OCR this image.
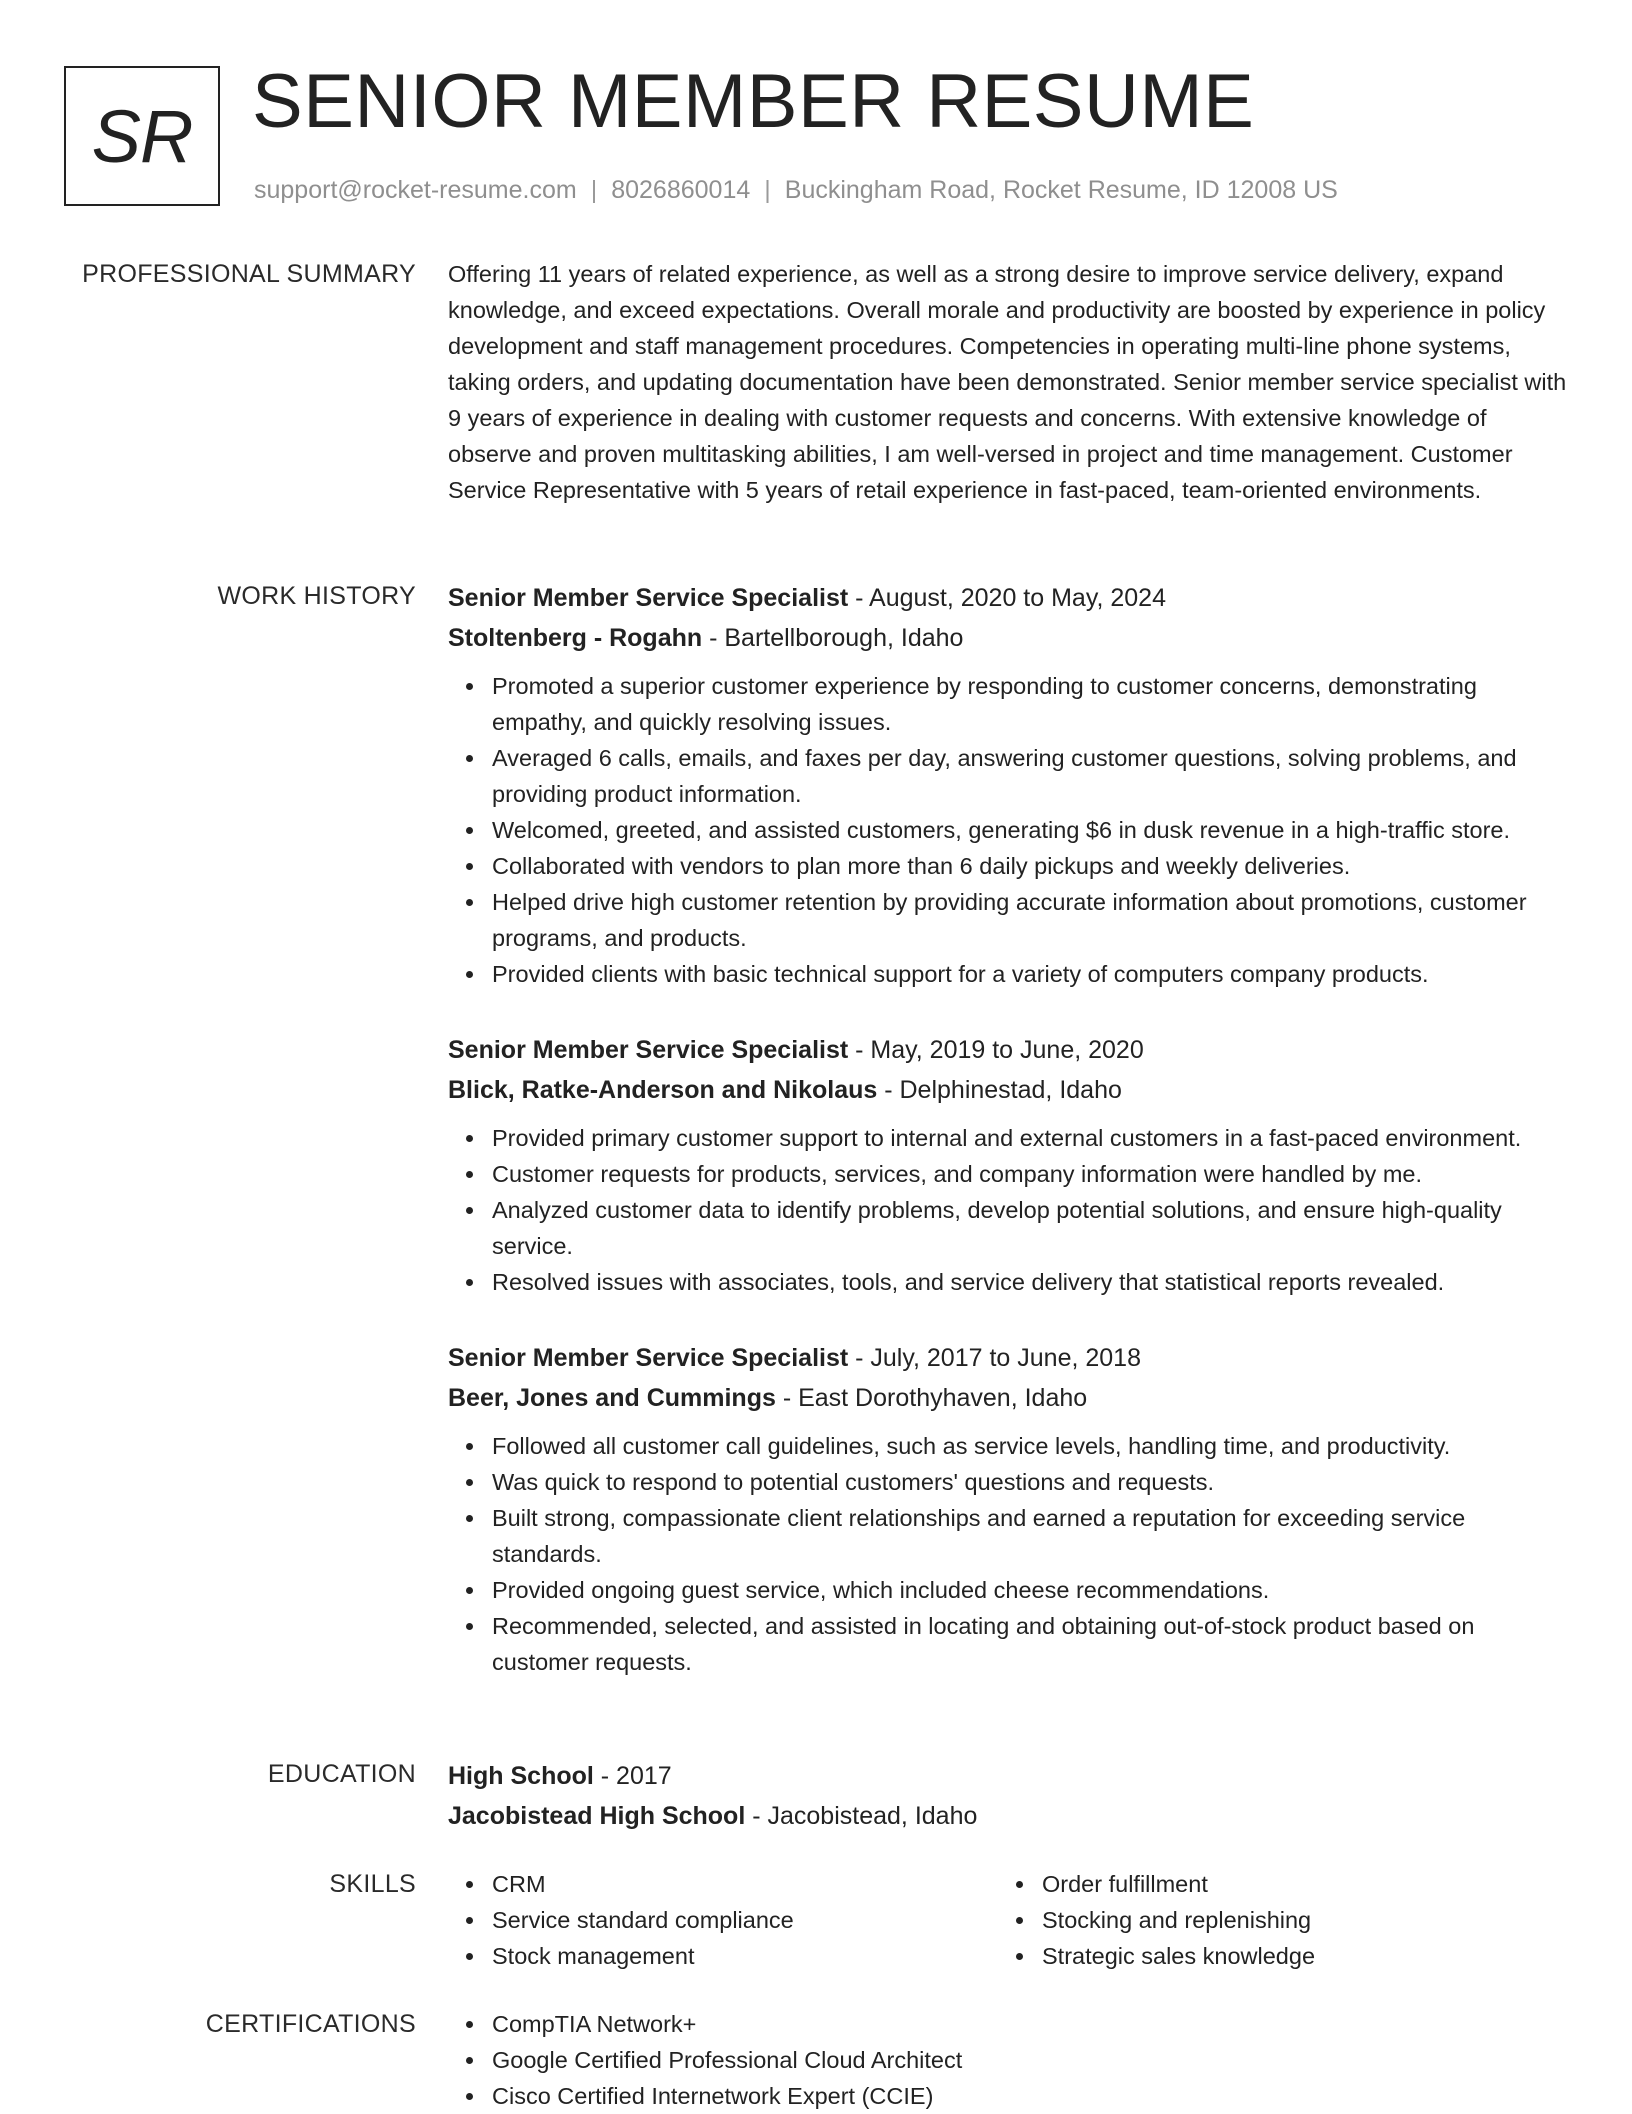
SR SENIOR MEMBER RESUME
support@rocket-resume.com | 8026860014 | Buckingham Road, Rocket Resume, ID 12008 US
PROFESSIONAL SUMMARY Offering 11 years of related experience, as well as a strong desire to improve service delivery, expand knowledge, and exceed expectations. Overall morale and productivity are boosted by experience in policy development and staff management procedures. Competencies in operating multi-line phone systems, taking orders, and updating documentation have been demonstrated. Senior member service specialist with 9 years of experience in dealing with customer requests and concerns. With extensive knowledge of observe and proven multitasking abilities, I am well-versed in project and time management. Customer Service Representative with 5 years of retail experience in fast-paced, team-oriented environments.

WORK HISTORY Senior Member Service Specialist - August, 2020 to May, 2024
Stoltenberg - Rogahn - Bartellborough, Idaho
Promoted a superior customer experience by responding to customer concerns, demonstrating empathy, and quickly resolving issues.
Averaged 6 calls, emails, and faxes per day, answering customer questions, solving problems, and providing product information.
Welcomed, greeted, and assisted customers, generating $6 in dusk revenue in a high-traffic store.
Collaborated with vendors to plan more than 6 daily pickups and weekly deliveries.
Helped drive high customer retention by providing accurate information about promotions, customer programs, and products.
Provided clients with basic technical support for a variety of computers company products.
Senior Member Service Specialist - May, 2019 to June, 2020
Blick, Ratke-Anderson and Nikolaus - Delphinestad, Idaho
Provided primary customer support to internal and external customers in a fast-paced environment.
Customer requests for products, services, and company information were handled by me.
Analyzed customer data to identify problems, develop potential solutions, and ensure high-quality service.
Resolved issues with associates, tools, and service delivery that statistical reports revealed.
Senior Member Service Specialist - July, 2017 to June, 2018
Beer, Jones and Cummings - East Dorothyhaven, Idaho
Followed all customer call guidelines, such as service levels, handling time, and productivity.
Was quick to respond to potential customers' questions and requests.
Built strong, compassionate client relationships and earned a reputation for exceeding service standards.
Provided ongoing guest service, which included cheese recommendations.
Recommended, selected, and assisted in locating and obtaining out-of-stock product based on customer requests.
EDUCATION High School - 2017
Jacobistead High School - Jacobistead, Idaho
SKILLS	CRM
Service standard compliance
Stock management
Order fulfillment
Stocking and replenishing
Strategic sales knowledge
CERTIFICATIONS	CompTIA Network+
Google Certified Professional Cloud Architect
Cisco Certified Internetwork Expert (CCIE)
